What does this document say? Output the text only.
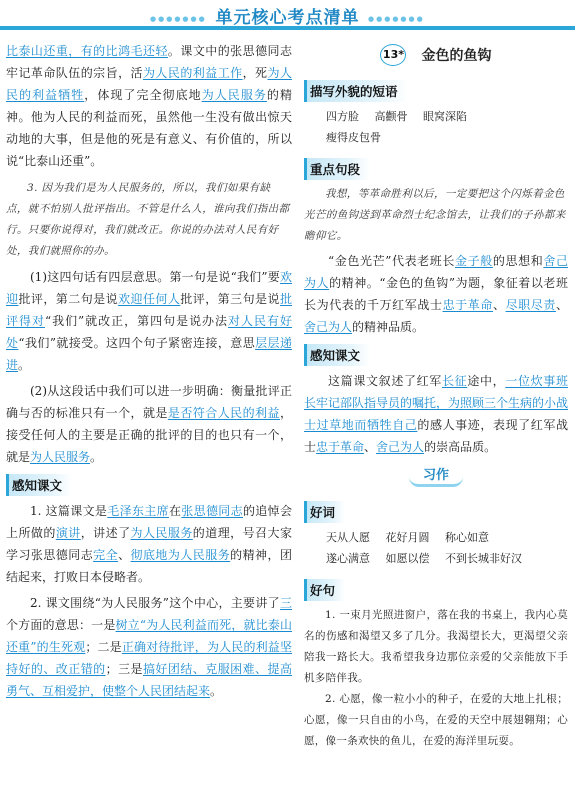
●●●●●●● 单元核心考点清单	●●●●●●●

比泰山还重，有的比鸿毛还轻。课文中的张思德同志牢记革命队伍的宗旨，活为人民的利益工作，死为人民的利益牺牲，体现了完全彻底地为人民服务的精神。他为人民的利益而死，虽然他一生没有做出惊天动地的大事，但是他的死是有意义、有价值的，所以说“比泰山还重”。

3. 因为我们是为人民服务的，所以，我们如果有缺点，就不怕别人批评指出。不管是什么人，谁向我们指出都行。只要你说得对，我们就改正。你说的办法对人民有好处，我们就照你的办。

(1)这四句话有四层意思。第一句是说“我们”要欢迎批评，第二句是说欢迎任何人批评，第三句是说批评得对“我们”就改正，第四句是说办法对人民有好处“我们”就接受。这四个句子紧密连接，意思层层递进。

(2)从这段话中我们可以进一步明确：衡量批评正确与否的标准只有一个，就是是否符合人民的利益，接受任何人的主要是正确的批评的目的也只有一个，就是为人民服务。

感知课文

1. 这篇课文是毛泽东主席在张思德同志的追悼会上所做的演讲，讲述了为人民服务的道理，号召大家学习张思德同志完全、彻底地为人民服务的精神，团结起来，打败日本侵略者。

2. 课文围绕“为人民服务”这个中心，主要讲了三个方面的意思：一是树立“为人民利益而死，就比泰山还重”的生死观；二是正确对待批评，为人民的利益坚持好的、改正错的；三是搞好团结、克服困难、提高勇气、互相爱护，使整个人民团结起来。

13* 金色的鱼钩
描写外貌的短语
四方脸 高颧骨 眼窝深陷
瘦得皮包骨
重点句段

我想，等革命胜利以后，一定要把这个闪烁着金色光芒的鱼钩送到革命烈士纪念馆去，让我们的子孙都来瞻仰它。

“金色光芒”代表老班长金子般的思想和舍己为人的精神。“金色的鱼钩”为题，象征着以老班长为代表的千万红军战士忠于革命、尽职尽责、舍己为人的精神品质。

感知课文

这篇课文叙述了红军长征途中，一位炊事班长牢记部队指导员的嘱托，为照顾三个生病的小战士过草地而牺牲自己的感人事迹，表现了红军战士忠于革命、舍己为人的崇高品质。

习作
好词
天从人愿 花好月圆 称心如意
遂心满意 如愿以偿 不到长城非好汉
好句

1. 一束月光照进窗户，落在我的书桌上，我内心莫名的伤感和渴望又多了几分。我渴望长大，更渴望父亲陪我一路长大。我希望我身边那位亲爱的父亲能放下手机多陪伴我。

2. 心愿，像一粒小小的种子，在爱的大地上扎根；心愿，像一只自由的小鸟，在爱的天空中展翅翱翔；心愿，像一条欢快的鱼儿，在爱的海洋里玩耍。
